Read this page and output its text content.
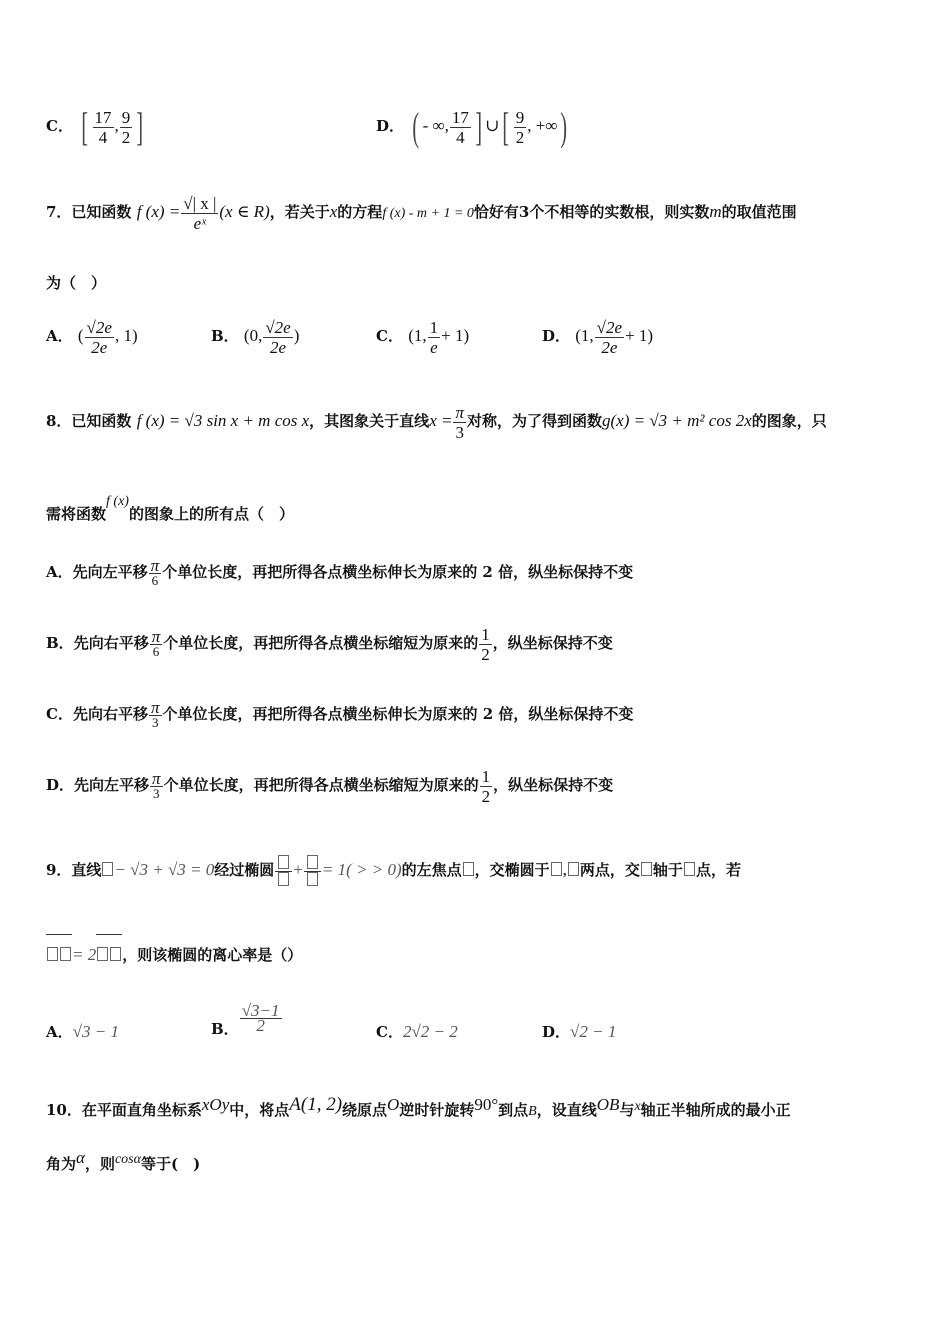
C． [ $\frac{17}{4}$ , $\frac{9}{2}$ ]	D． ( - ∞, $\frac{17}{4}$ ] ∪[ $\frac{9}{2}$ , +∞)
7．已知函数 f $(x) = \frac{√| x |}{\text{eˣ}} (x$ ∈ R)，若关于x的方程f (x) - m + 1 = 0恰好有3个不相等的实数根，则实数m的取值范围
为（　）
A． ( $\frac{√2e}{2e}$ , 1)	B． (0, $\frac{√2e}{2e}$ )	C． (1, $\frac{1}{e} + 1$)	D． (1, $\frac{√2e}{2e} + 1$)
8．已知函数 f (x) = √3 sin x + m cos x，其图象关于直线$x = \frac{\pi}{3}$ 对称，为了得到函数g(x) = √3 + m² cos 2x的图象，只
需将函数f (x)的图象上的所有点（　）
A．先向左平移 $\frac{\pi}{6}$ 个单位长度，再把所得各点横坐标伸长为原来的 2 倍，纵坐标保持不变
B．先向右平移 $\frac{\pi}{6}$ 个单位长度，再把所得各点横坐标缩短为原来的 $\frac{1}{2}$ ，纵坐标保持不变
C．先向右平移 $\frac{\pi}{3}$ 个单位长度，再把所得各点横坐标伸长为原来的 2 倍，纵坐标保持不变
D．先向左平移 $\frac{\pi}{3}$ 个单位长度，再把所得各点横坐标缩短为原来的 $\frac{1}{2}$ ，纵坐标保持不变
9．直线 − √3 + √3 = 0经过椭圆 + = 1( > > 0)的左焦点 ，交椭圆于 , 两点，交 轴于 点，若
= 2 ，则该椭圆的离心率是（）
A．√3 − 1	B． $\frac{√3-1}{2}$	C．2√2 − 2	D．√2 − 1
10．在平面直角坐标系xOy中，将点A(1, 2)绕原点O逆时针旋转90°到点B，设直线OB与x轴正半轴所成的最小正
角为α，则cosα等于(　)
